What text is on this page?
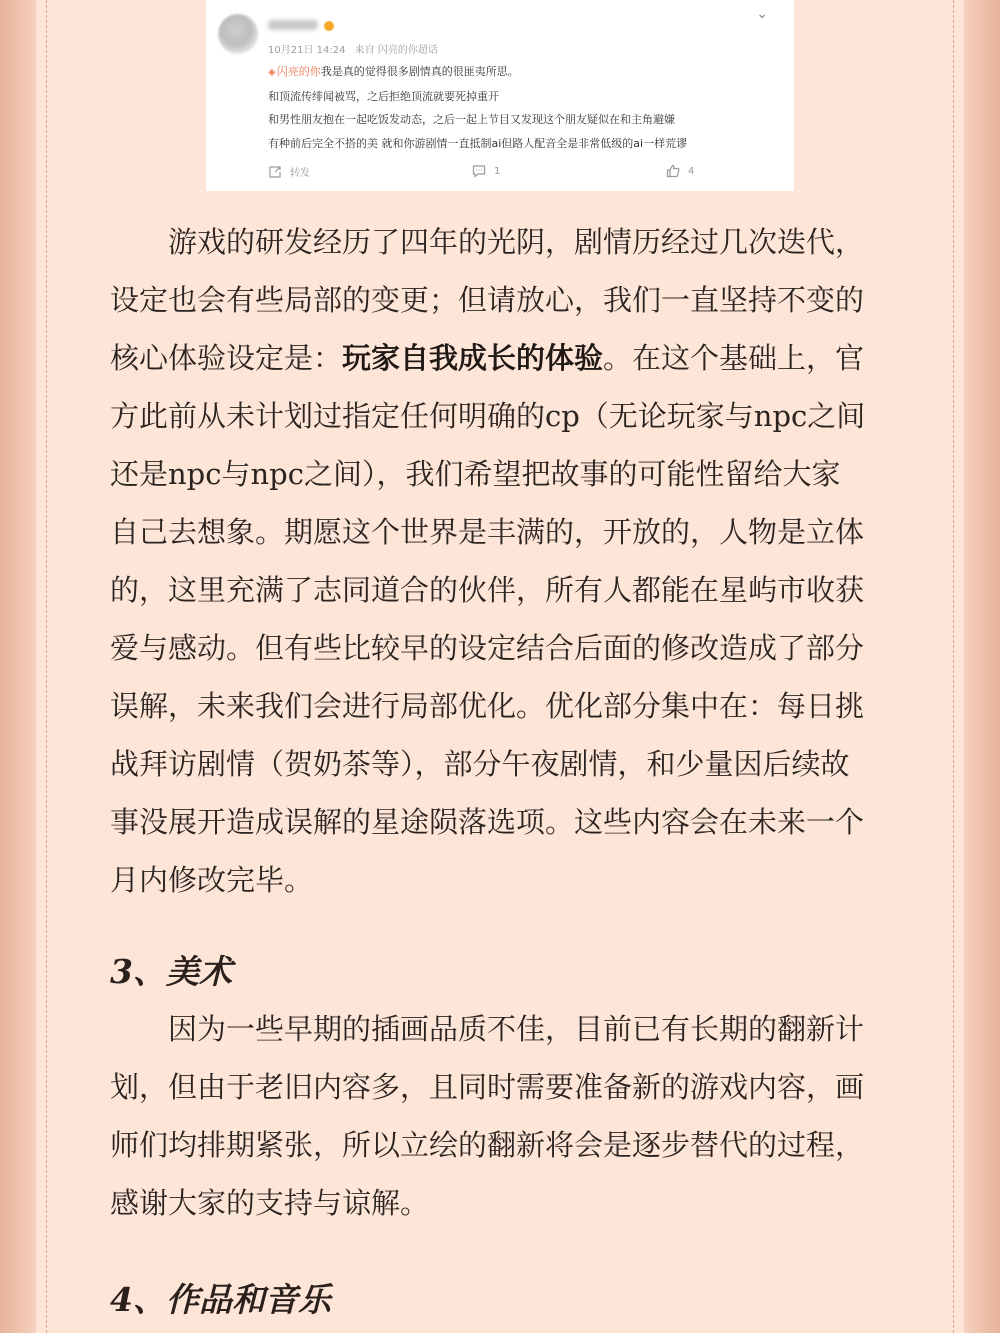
⌄
10月21日 14:24 来自 闪亮的你超话
◈闪亮的你我是真的觉得很多剧情真的很匪夷所思。
和顶流传绯闻被骂，之后拒绝顶流就要死掉重开
和男性朋友抱在一起吃饭发动态，之后一起上节目又发现这个朋友疑似在和主角避嫌
有种前后完全不搭的美 就和你游剧情一直抵制ai但路人配音全是非常低级的ai一样荒谬
转发	1	4
游戏的研发经历了四年的光阴，剧情历经过几次迭代，
设定也会有些局部的变更；但请放心，我们一直坚持不变的
核心体验设定是：玩家自我成长的体验。在这个基础上，官
方此前从未计划过指定任何明确的cp（无论玩家与npc之间
还是npc与npc之间），我们希望把故事的可能性留给大家
自己去想象。期愿这个世界是丰满的，开放的，人物是立体
的，这里充满了志同道合的伙伴，所有人都能在星屿市收获
爱与感动。但有些比较早的设定结合后面的修改造成了部分
误解，未来我们会进行局部优化。优化部分集中在：每日挑
战拜访剧情（贺奶茶等），部分午夜剧情，和少量因后续故
事没展开造成误解的星途陨落选项。这些内容会在未来一个
月内修改完毕。
3、美术
因为一些早期的插画品质不佳，目前已有长期的翻新计
划，但由于老旧内容多，且同时需要准备新的游戏内容，画
师们均排期紧张，所以立绘的翻新将会是逐步替代的过程，
感谢大家的支持与谅解。
4、作品和音乐
